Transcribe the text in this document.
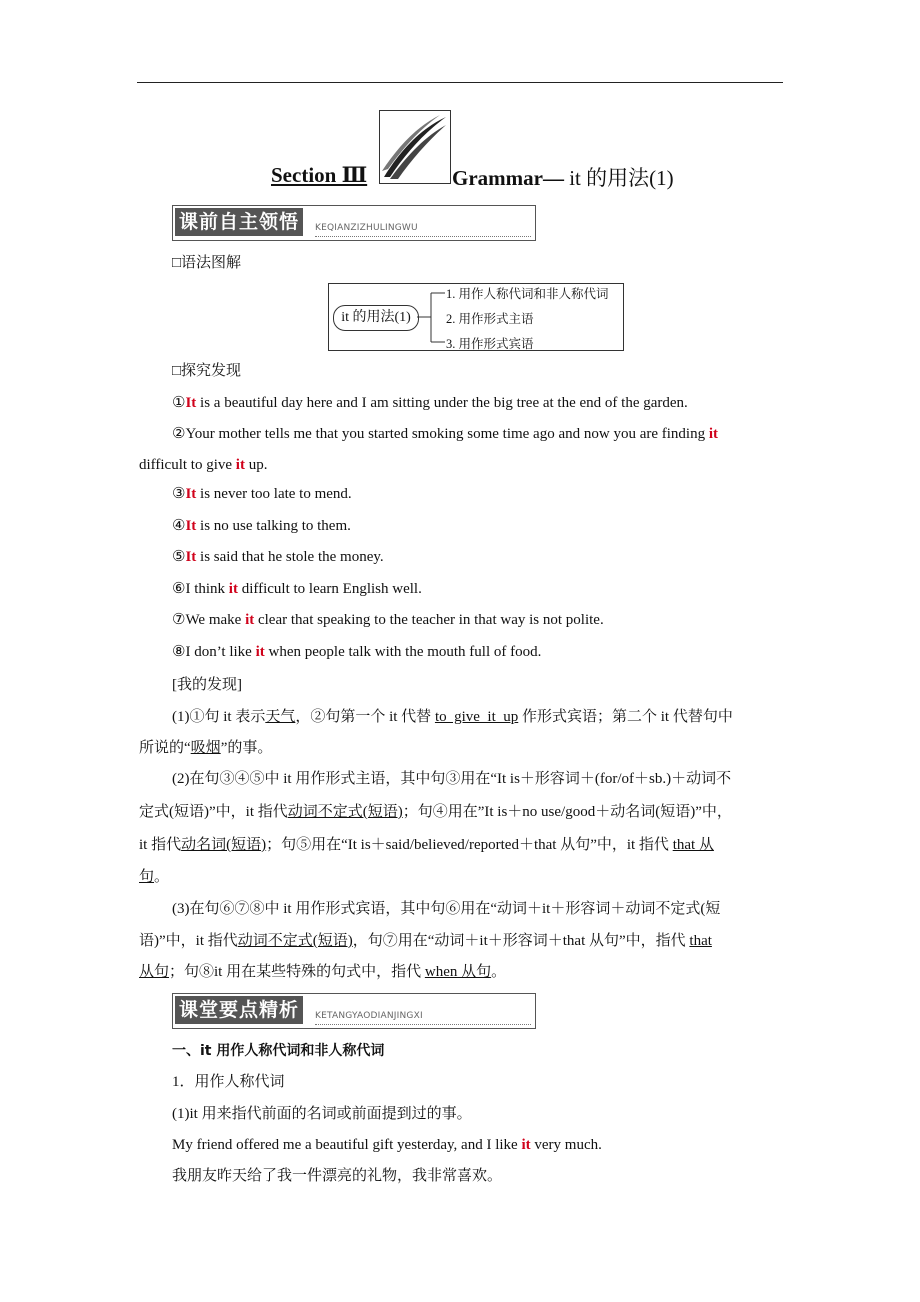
Section Ⅲ	Grammar— it 的用法(1)
课前自主领悟	KEQIANZIZHULINGWU
□语法图解
it 的用法(1)
1. 用作人称代词和非人称代词
2. 用作形式主语
3. 用作形式宾语
□探究发现
①It is a beautiful day here and I am sitting under the big tree at the end of the garden.
②Your mother tells me that you started smoking some time ago and now you are finding it
difficult to give it up.
③It is never too late to mend.
④It is no use talking to them.
⑤It is said that he stole the money.
⑥I think it difficult to learn English well.
⑦We make it clear that speaking to the teacher in that way is not polite.
⑧I don’t like it when people talk with the mouth full of food.
[我的发现]
(1)①句 it 表示天气，②句第一个 it 代替 to  give  it  up 作形式宾语；第二个 it 代替句中
所说的“吸烟”的事。
(2)在句③④⑤中 it 用作形式主语，其中句③用在“It is＋形容词＋(for/of＋sb.)＋动词不
定式(短语)”中，it 指代动词不定式(短语)；句④用在”It is＋no use/good＋动名词(短语)”中，
it 指代动名词(短语)；句⑤用在“It is＋said/believed/reported＋that 从句”中，it 指代 that 从
句。
(3)在句⑥⑦⑧中 it 用作形式宾语，其中句⑥用在“动词＋it＋形容词＋动词不定式(短
语)”中，it 指代动词不定式(短语)，句⑦用在“动词＋it＋形容词＋that 从句”中，指代 that
从句；句⑧it 用在某些特殊的句式中，指代 when 从句。
课堂要点精析	KETANGYAODIANJINGXI
一、it 用作人称代词和非人称代词
1．用作人称代词
(1)it 用来指代前面的名词或前面提到过的事。
My friend offered me a beautiful gift yesterday, and I like it very much.
我朋友昨天给了我一件漂亮的礼物，我非常喜欢。
